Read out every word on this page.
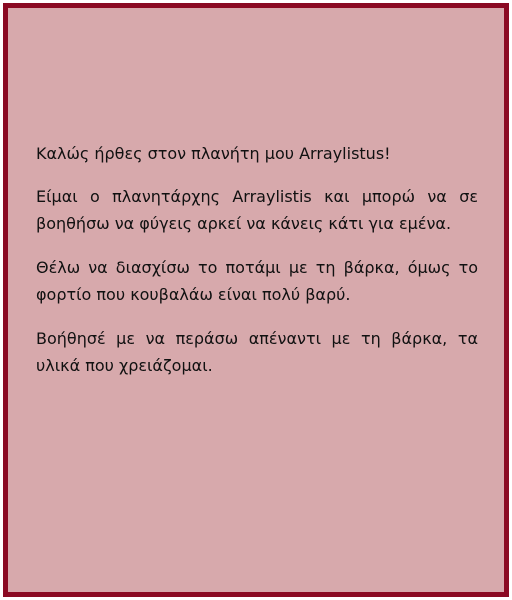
Καλώς ήρθες στον πλανήτη μου Arraylistus!

Είμαι ο πλανητάρχης Arraylistis και μπορώ να σε βοηθήσω να φύγεις αρκεί να κάνεις κάτι για εμένα.

Θέλω να διασχίσω το ποτάμι με τη βάρκα, όμως το φορτίο που κουβαλάω είναι πολύ βαρύ.

Βοήθησέ με να περάσω απέναντι με τη βάρκα, τα υλικά που χρειάζομαι.
